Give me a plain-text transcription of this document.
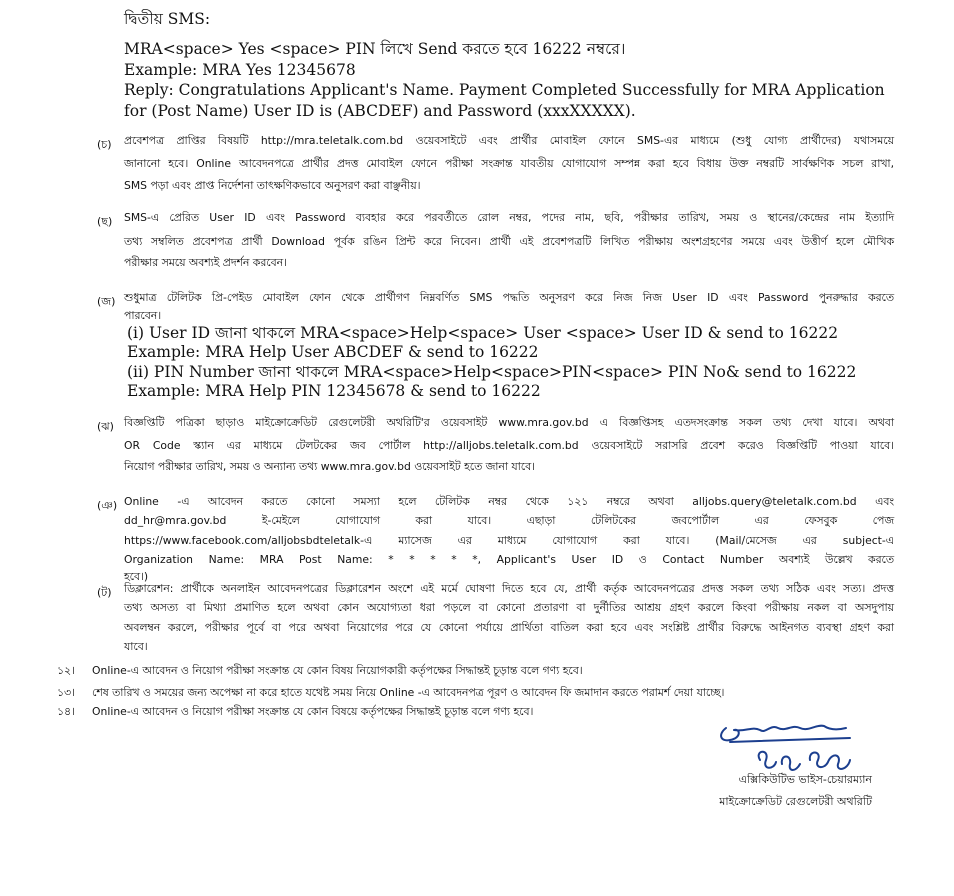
দ্বিতীয় SMS:
MRA<space> Yes <space> PIN লিখে Send করতে হবে 16222 নম্বরে।
Example: MRA Yes 12345678
Reply: Congratulations Applicant's Name. Payment Completed Successfully for MRA Application
for (Post Name) User ID is (ABCDEF) and Password (xxxXXXXX).
(চ) প্রবেশপত্র প্রাপ্তির বিষয়টি http://mra.teletalk.com.bd ওয়েবসাইটে এবং প্রার্থীর মোবাইল ফোনে SMS-এর মাধ্যমে (শুধু যোগ্য প্রার্থীদের) যথাসময়ে
জানানো হবে। Online আবেদনপত্রে প্রার্থীর প্রদত্ত মোবাইল ফোনে পরীক্ষা সংক্রান্ত যাবতীয় যোগাযোগ সম্পন্ন করা হবে বিধায় উক্ত নম্বরটি সার্বক্ষণিক সচল রাখা,
SMS পড়া এবং প্রাপ্ত নির্দেশনা তাৎক্ষণিকভাবে অনুসরণ করা বাঞ্ছনীয়।
(ছ) SMS-এ প্রেরিত User ID এবং Password ব্যবহার করে পরবর্তীতে রোল নম্বর, পদের নাম, ছবি, পরীক্ষার তারিখ, সময় ও স্থানের/কেন্দ্রের নাম ইত্যাদি
তথ্য সম্বলিত প্রবেশপত্র প্রার্থী Download পূর্বক রঙিন প্রিন্ট করে নিবেন। প্রার্থী এই প্রবেশপত্রটি লিখিত পরীক্ষায় অংশগ্রহণের সময়ে এবং উত্তীর্ণ হলে মৌখিক
পরীক্ষার সময়ে অবশ্যই প্রদর্শন করবেন।
(জ) শুধুমাত্র টেলিটক প্রি-পেইড মোবাইল ফোন থেকে প্রার্থীগণ নিম্নবর্ণিত SMS পদ্ধতি অনুসরণ করে নিজ নিজ User ID এবং Password পুনরুদ্ধার করতে
পারবেন।
(i) User ID জানা থাকলে MRA<space>Help<space> User <space> User ID & send to 16222
Example: MRA Help User ABCDEF & send to 16222
(ii) PIN Number জানা থাকলে MRA<space>Help<space>PIN<space> PIN No& send to 16222
Example: MRA Help PIN 12345678 & send to 16222
(ঝ) বিজ্ঞপ্তিটি পত্রিকা ছাড়াও মাইক্রোক্রেডিট রেগুলেটরী অথরিটি'র ওয়েবসাইট www.mra.gov.bd এ বিজ্ঞপ্তিসহ এতদসংক্রান্ত সকল তথ্য দেখা যাবে। অথবা
OR Code স্ক্যান এর মাধ্যমে টেলটকের জব পোর্টাল http://alljobs.teletalk.com.bd ওয়েবসাইটে সরাসরি প্রবেশ করেও বিজ্ঞপ্তিটি পাওয়া যাবে।
নিয়োগ পরীক্ষার তারিখ, সময় ও অন্যান্য তথ্য www.mra.gov.bd ওয়েবসাইট হতে জানা যাবে।
(ঞ) Online -এ আবেদন করতে কোনো সমস্যা হলে টেলিটক নম্বর থেকে ১২১ নম্বরে অথবা alljobs.query@teletalk.com.bd এবং
dd_hr@mra.gov.bd ই-মেইলে যোগাযোগ করা যাবে। এছাড়া টেলিটকের জবপোর্টাল এর ফেসবুক পেজ
https://www.facebook.com/alljobsbdteletalk-এ ম্যাসেজ এর মাধ্যমে যোগাযোগ করা যাবে। (Mail/মেসেজ এর subject-এ
Organization Name: MRA Post Name: * * * * *, Applicant's User ID ও Contact Number অবশ্যই উল্লেখ করতে
হবে।)
(ট) ডিক্লারেশন: প্রার্থীকে অনলাইন আবেদনপত্রের ডিক্লারেশন অংশে এই মর্মে ঘোষণা দিতে হবে যে, প্রার্থী কর্তৃক আবেদনপত্রের প্রদত্ত সকল তথ্য সঠিক এবং সত্য। প্রদত্ত
তথ্য অসত্য বা মিথ্যা প্রমাণিত হলে অথবা কোন অযোগ্যতা ধরা পড়লে বা কোনো প্রতারণা বা দুর্নীতির আশ্রয় গ্রহণ করলে কিংবা পরীক্ষায় নকল বা অসদুপায়
অবলম্বন করলে, পরীক্ষার পূর্বে বা পরে অথবা নিয়োগের পরে যে কোনো পর্যায়ে প্রার্থিতা বাতিল করা হবে এবং সংশ্লিষ্ট প্রার্থীর বিরুদ্ধে আইনগত ব্যবস্থা গ্রহণ করা
যাবে।
১২। Online-এ আবেদন ও নিয়োগ পরীক্ষা সংক্রান্ত যে কোন বিষয় নিয়োগকারী কর্তৃপক্ষের সিদ্ধান্তই চূড়ান্ত বলে গণ্য হবে।
১৩। শেষ তারিখ ও সময়ের জন্য অপেক্ষা না করে হাতে যথেষ্ট সময় নিয়ে Online -এ আবেদনপত্র পূরণ ও আবেদন ফি জমাদান করতে পরামর্শ দেয়া যাচ্ছে।
১৪। Online-এ আবেদন ও নিয়োগ পরীক্ষা সংক্রান্ত যে কোন বিষয়ে কর্তৃপক্ষের সিদ্ধান্তই চূড়ান্ত বলে গণ্য হবে।
এক্সিকিউটিভ ভাইস-চেয়ারম্যান
মাইক্রোক্রেডিট রেগুলেটরী অথরিটি
